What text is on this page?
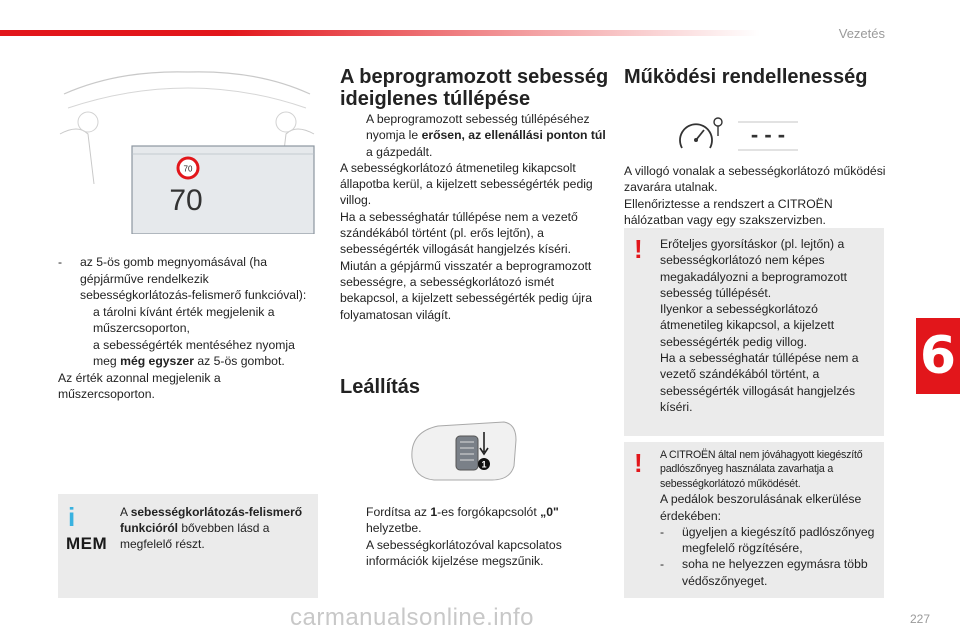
Vezetés
70
70
-	az 5-ös gomb megnyomásával (ha gépjárműve rendelkezik sebességkorlátozás-felismerő funkcióval):
a tárolni kívánt érték megjelenik a műszercsoporton,
a sebességérték mentéséhez nyomja meg még egyszer az 5-ös gombot.
Az érték azonnal megjelenik a műszercsoporton.
i
MEM
A sebességkorlátozás-felismerő funkcióról bővebben lásd a megfelelő részt.
A beprogramozott sebesség ideiglenes túllépése
A beprogramozott sebesség túllépéséhez nyomja le erősen, az ellenállási ponton túl a gázpedált.
A sebességkorlátozó átmenetileg kikapcsolt állapotba kerül, a kijelzett sebességérték pedig villog.
Ha a sebességhatár túllépése nem a vezető szándékából történt (pl. erős lejtőn), a sebességérték villogását hangjelzés kíséri.
Miután a gépjármű visszatér a beprogramozott sebességre, a sebességkorlátozó ismét bekapcsol, a kijelzett sebességérték pedig újra folyamatosan világít.
Leállítás
1
Fordítsa az 1-es forgókapcsolót „0"
helyzetbe.
A sebességkorlátozóval kapcsolatos információk kijelzése megszűnik.
Működési rendellenesség
- - -
A villogó vonalak a sebességkorlátozó működési zavarára utalnak.
Ellenőriztesse a rendszert a CITROËN hálózatban vagy egy szakszervizben.
! Erőteljes gyorsításkor (pl. lejtőn) a sebességkorlátozó nem képes megakadályozni a beprogramozott sebesség túllépését.
Ilyenkor a sebességkorlátozó átmenetileg kikapcsol, a kijelzett sebességérték pedig villog.
Ha a sebességhatár túllépése nem a vezető szándékából történt, a sebességérték villogását hangjelzés kíséri.
! A CITROËN által nem jóváhagyott kiegészítő padlószőnyeg használata zavarhatja a sebességkorlátozó működését.
A pedálok beszorulásának elkerülése érdekében:
-	ügyeljen a kiegészítő padlószőnyeg megfelelő rögzítésére,
-	soha ne helyezzen egymásra több védőszőnyeget.
6
carmanualsonline.info	227
